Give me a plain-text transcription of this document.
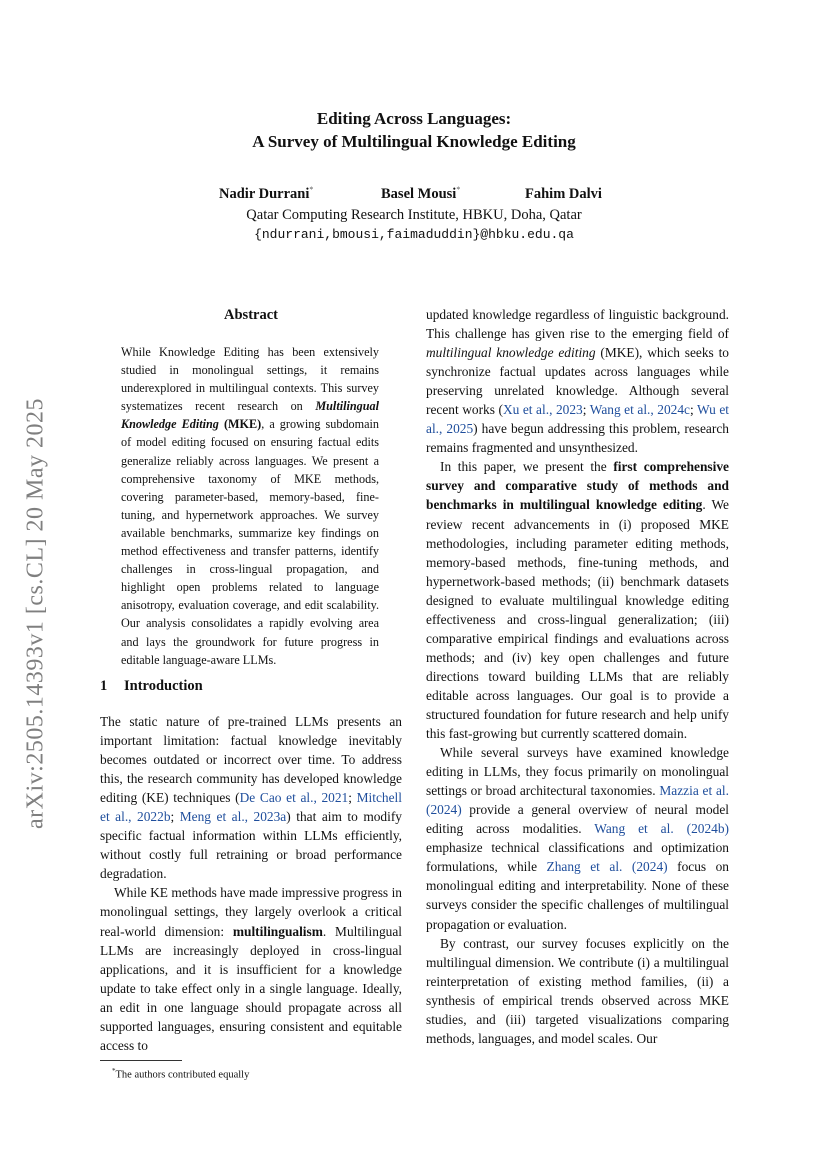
arXiv:2505.14393v1 [cs.CL] 20 May 2025
Editing Across Languages:
A Survey of Multilingual Knowledge Editing
Nadir Durrani*	Basel Mousi*	Fahim Dalvi
Qatar Computing Research Institute, HBKU, Doha, Qatar
{ndurrani,bmousi,faimaduddin}@hbku.edu.qa
Abstract
While Knowledge Editing has been extensively studied in monolingual settings, it remains underexplored in multilingual contexts. This survey systematizes recent research on Multilingual Knowledge Editing (MKE), a growing subdomain of model editing focused on ensuring factual edits generalize reliably across languages. We present a comprehensive taxonomy of MKE methods, covering parameter-based, memory-based, fine-tuning, and hypernetwork approaches. We survey available benchmarks, summarize key findings on method effectiveness and transfer patterns, identify challenges in cross-lingual propagation, and highlight open problems related to language anisotropy, evaluation coverage, and edit scalability. Our analysis consolidates a rapidly evolving area and lays the groundwork for future progress in editable language-aware LLMs.
1 Introduction

The static nature of pre-trained LLMs presents an important limitation: factual knowledge inevitably becomes outdated or incorrect over time. To address this, the research community has developed knowledge editing (KE) techniques (De Cao et al., 2021; Mitchell et al., 2022b; Meng et al., 2023a) that aim to modify specific factual information within LLMs efficiently, without costly full retraining or broad performance degradation.

While KE methods have made impressive progress in monolingual settings, they largely overlook a critical real-world dimension: multilingualism. Multilingual LLMs are increasingly deployed in cross-lingual applications, and it is insufficient for a knowledge update to take effect only in a single language. Ideally, an edit in one language should propagate across all supported languages, ensuring consistent and equitable access to

updated knowledge regardless of linguistic background. This challenge has given rise to the emerging field of multilingual knowledge editing (MKE), which seeks to synchronize factual updates across languages while preserving unrelated knowledge. Although several recent works (Xu et al., 2023; Wang et al., 2024c; Wu et al., 2025) have begun addressing this problem, research remains fragmented and unsynthesized.

In this paper, we present the first comprehensive survey and comparative study of methods and benchmarks in multilingual knowledge editing. We review recent advancements in (i) proposed MKE methodologies, including parameter editing methods, memory-based methods, fine-tuning methods, and hypernetwork-based methods; (ii) benchmark datasets designed to evaluate multilingual knowledge editing effectiveness and cross-lingual generalization; (iii) comparative empirical findings and evaluations across methods; and (iv) key open challenges and future directions toward building LLMs that are reliably editable across languages. Our goal is to provide a structured foundation for future research and help unify this fast-growing but currently scattered domain.

While several surveys have examined knowledge editing in LLMs, they focus primarily on monolingual settings or broad architectural taxonomies. Mazzia et al. (2024) provide a general overview of neural model editing across modalities. Wang et al. (2024b) emphasize technical classifications and optimization formulations, while Zhang et al. (2024) focus on monolingual editing and interpretability. None of these surveys consider the specific challenges of multilingual propagation or evaluation.

By contrast, our survey focuses explicitly on the multilingual dimension. We contribute (i) a multilingual reinterpretation of existing method families, (ii) a synthesis of empirical trends observed across MKE studies, and (iii) targeted visualizations comparing methods, languages, and model scales. Our

*The authors contributed equally
